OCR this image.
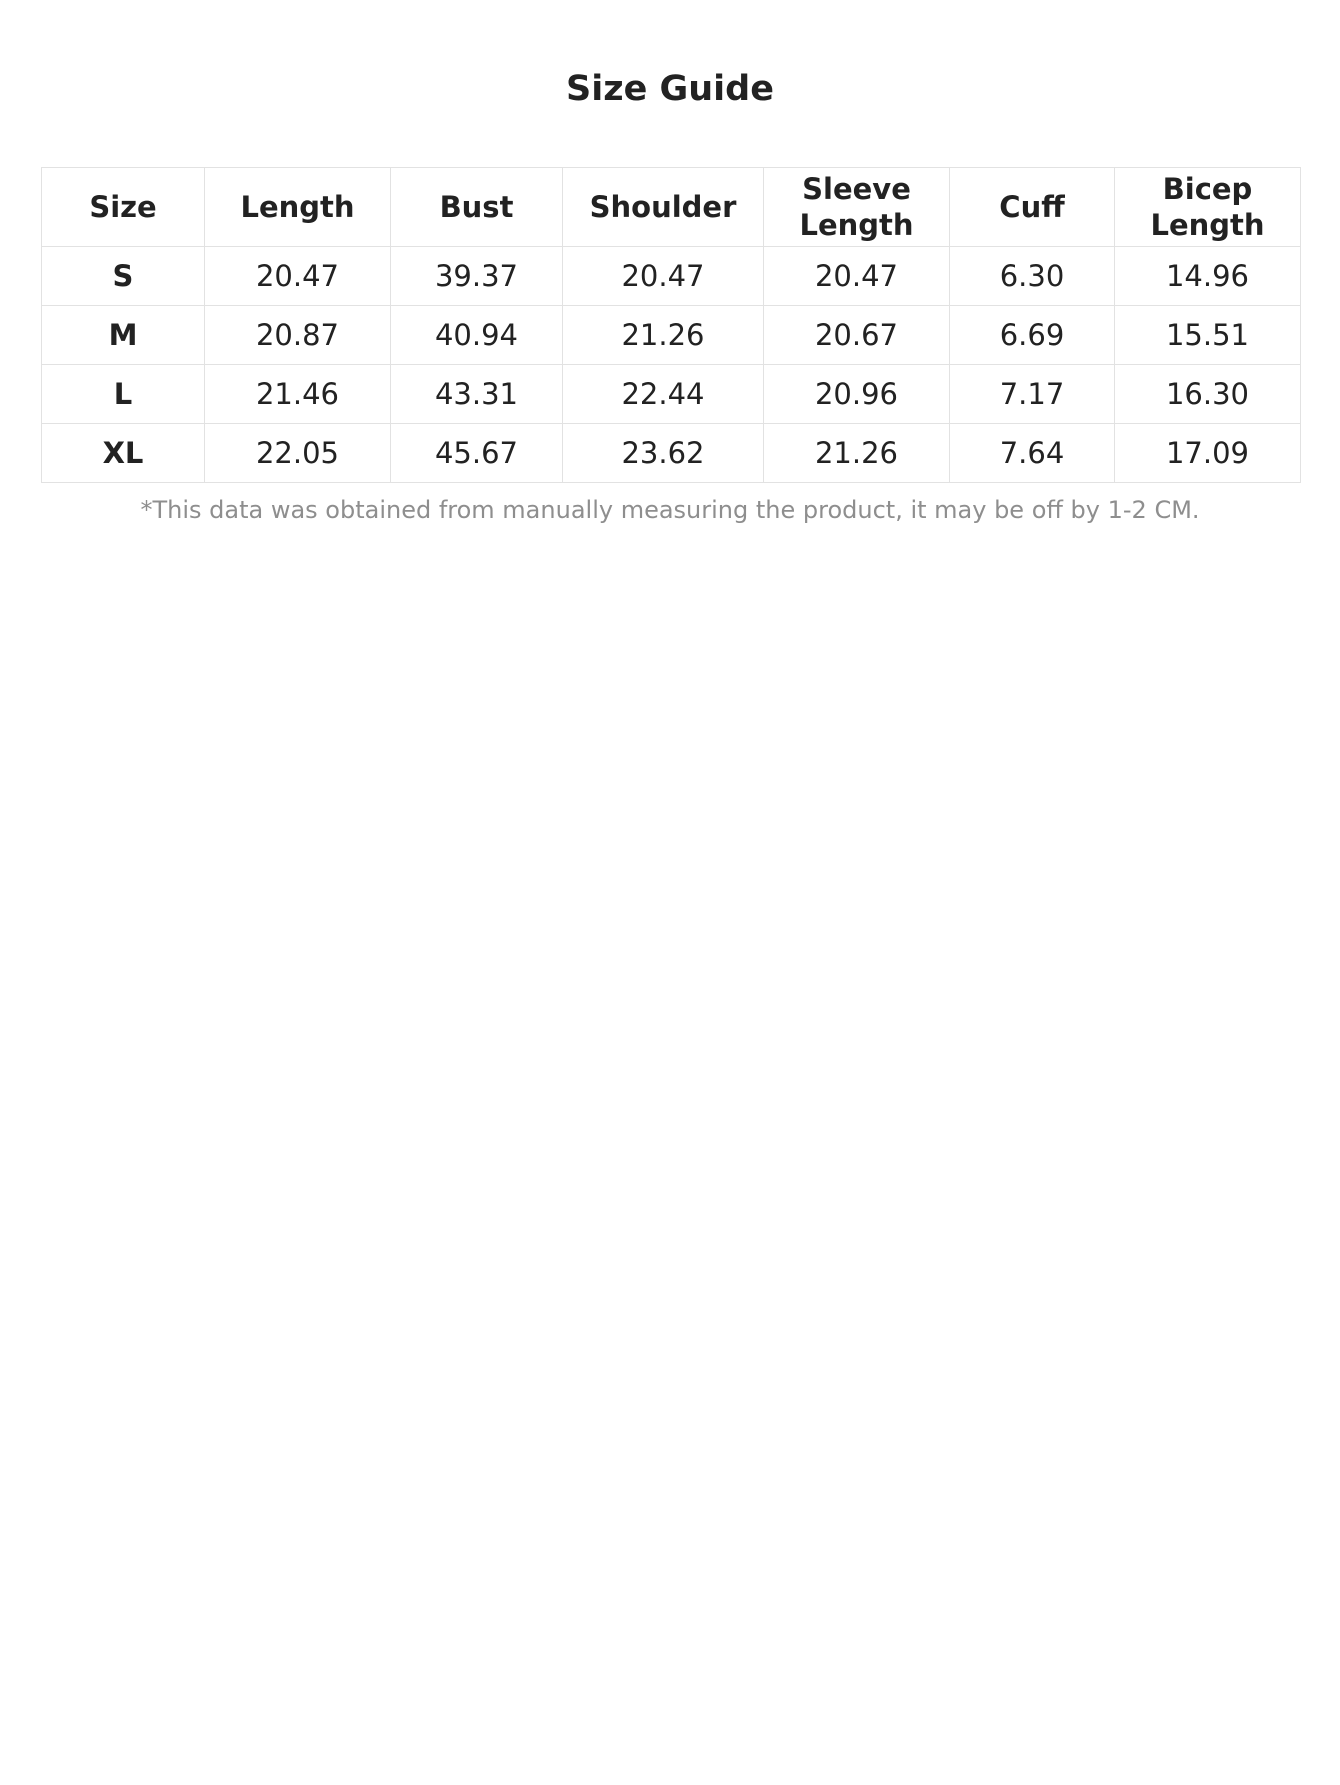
Size Guide
Size	Length	Bust	Shoulder	Sleeve Length	Cuff	Bicep Length
S	20.47	39.37	20.47	20.47	6.30	14.96
M	20.87	40.94	21.26	20.67	6.69	15.51
L	21.46	43.31	22.44	20.96	7.17	16.30
XL	22.05	45.67	23.62	21.26	7.64	17.09

*This data was obtained from manually measuring the product, it may be off by 1-2 CM.
